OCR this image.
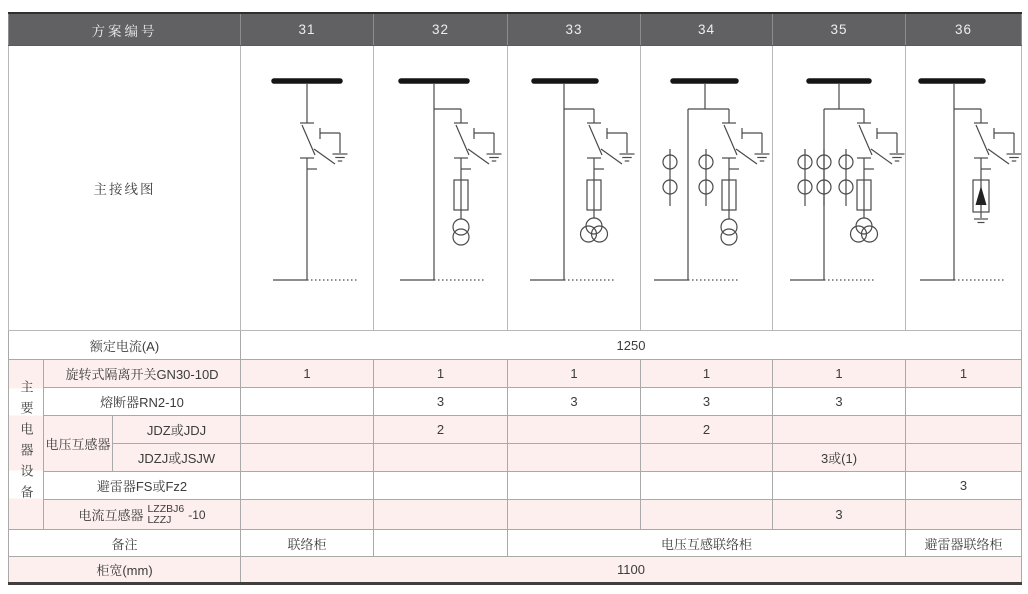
方案编号			31	32	33	34	35	36
主接线图	

额定电流(A)			1250					
主要电器设备	旋转式隔离开关GN30-10D		1	1	1	1	1	1
	熔断器RN2-10			3	3	3	3	
	电压互感器	JDZ或JDJ		2		2		
		JDZJ或JSJW					3或(1)	
	避雷器FS或Fz2							3

	电流互感器 LZZBJ6
LZZJ -10						3	
备注			联络柜		电压互感联络柜			避雷器联络柜
柜宽(mm)			1100					
